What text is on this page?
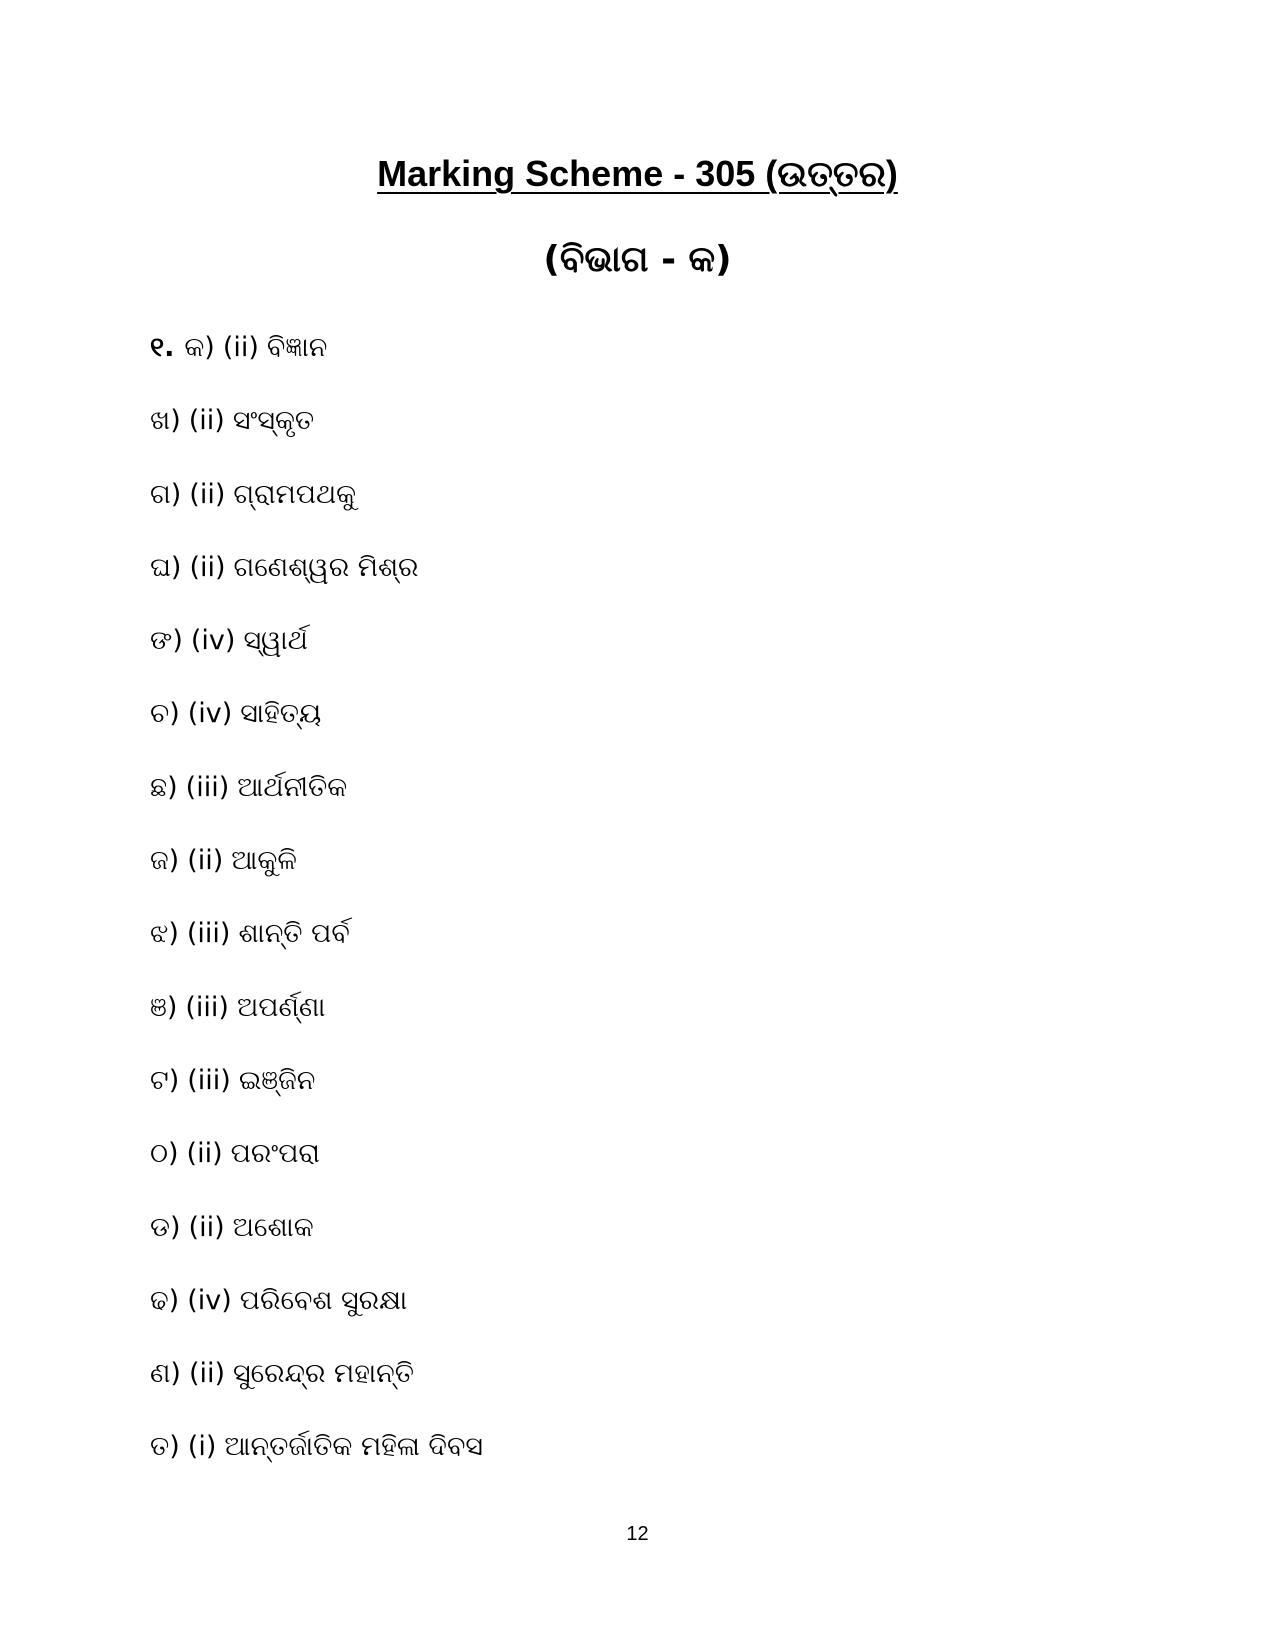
Marking Scheme - 305 (ଉତ୍ତର)
(ବିଭାଗ - କ)
୧. କ) (ii) ବିଜ୍ଞାନ
ଖ) (ii) ସଂସ୍କୃତ
ଗ) (ii) ଗ୍ରାମପଥକୁ
ଘ) (ii) ଗଣେଶ୍ୱର ମିଶ୍ର
ଙ) (iv) ସ୍ୱାର୍ଥ
ଚ) (iv) ସାହିତ୍ୟ
ଛ) (iii) ଆର୍ଥନୀତିକ
ଜ) (ii) ଆକୁଳି
ଝ) (iii) ଶାନ୍ତି ପର୍ବ
ଞ) (iii) ଅପର୍ଣ୍ଣା
ଟ) (iii) ଇଞ୍ଜିନ
ଠ) (ii) ପରଂପରା
ଡ) (ii) ଅଶୋକ
ଢ) (iv) ପରିବେଶ ସୁରକ୍ଷା
ଣ) (ii) ସୁରେନ୍ଦ୍ର ମହାନ୍ତି
ତ) (i) ଆନ୍ତର୍ଜାତିକ ମହିଳା ଦିବସ
12
